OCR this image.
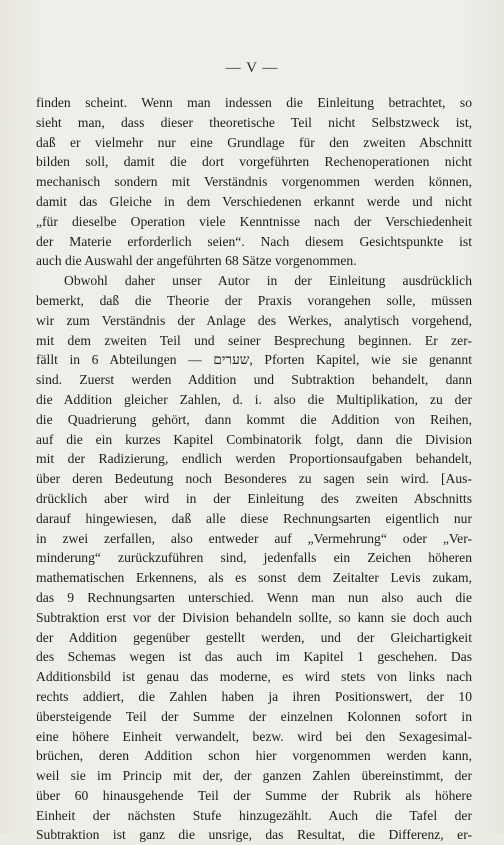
— V —
finden scheint. Wenn man indessen die Einleitung betrachtet, so
sieht man, dass dieser theoretische Teil nicht Selbstzweck ist,
daß er vielmehr nur eine Grundlage für den zweiten Abschnitt
bilden soll, damit die dort vorgeführten Rechenoperationen nicht
mechanisch sondern mit Verständnis vorgenommen werden können,
damit das Gleiche in dem Verschiedenen erkannt werde und nicht
„für dieselbe Operation viele Kenntnisse nach der Verschiedenheit
der Materie erforderlich seien“. Nach diesem Gesichtspunkte ist
auch die Auswahl der angeführten 68 Sätze vorgenommen.
Obwohl daher unser Autor in der Einleitung ausdrücklich
bemerkt, daß die Theorie der Praxis vorangehen solle, müssen
wir zum Verständnis der Anlage des Werkes, analytisch vorgehend,
mit dem zweiten Teil und seiner Besprechung beginnen. Er zer-
fällt in 6 Abteilungen — שערים, Pforten Kapitel, wie sie genannt
sind. Zuerst werden Addition und Subtraktion behandelt, dann
die Addition gleicher Zahlen, d. i. also die Multiplikation, zu der
die Quadrierung gehört, dann kommt die Addition von Reihen,
auf die ein kurzes Kapitel Combinatorik folgt, dann die Division
mit der Radizierung, endlich werden Proportionsaufgaben behandelt,
über deren Bedeutung noch Besonderes zu sagen sein wird. [Aus-
drücklich aber wird in der Einleitung des zweiten Abschnitts
darauf hingewiesen, daß alle diese Rechnungsarten eigentlich nur
in zwei zerfallen, also entweder auf „Vermehrung“ oder „Ver-
minderung“ zurückzuführen sind, jedenfalls ein Zeichen höheren
mathematischen Erkennens, als es sonst dem Zeitalter Levis zukam,
das 9 Rechnungsarten unterschied. Wenn man nun also auch die
Subtraktion erst vor der Division behandeln sollte, so kann sie doch auch
der Addition gegenüber gestellt werden, und der Gleichartigkeit
des Schemas wegen ist das auch im Kapitel 1 geschehen. Das
Additionsbild ist genau das moderne, es wird stets von links nach
rechts addiert, die Zahlen haben ja ihren Positionswert, der 10
übersteigende Teil der Summe der einzelnen Kolonnen sofort in
eine höhere Einheit verwandelt, bezw. wird bei den Sexagesimal-
brüchen, deren Addition schon hier vorgenommen werden kann,
weil sie im Princip mit der, der ganzen Zahlen übereinstimmt, der
über 60 hinausgehende Teil der Summe der Rubrik als höhere
Einheit der nächsten Stufe hinzugezählt. Auch die Tafel der
Subtraktion ist ganz die unsrige, das Resultat, die Differenz, er-
